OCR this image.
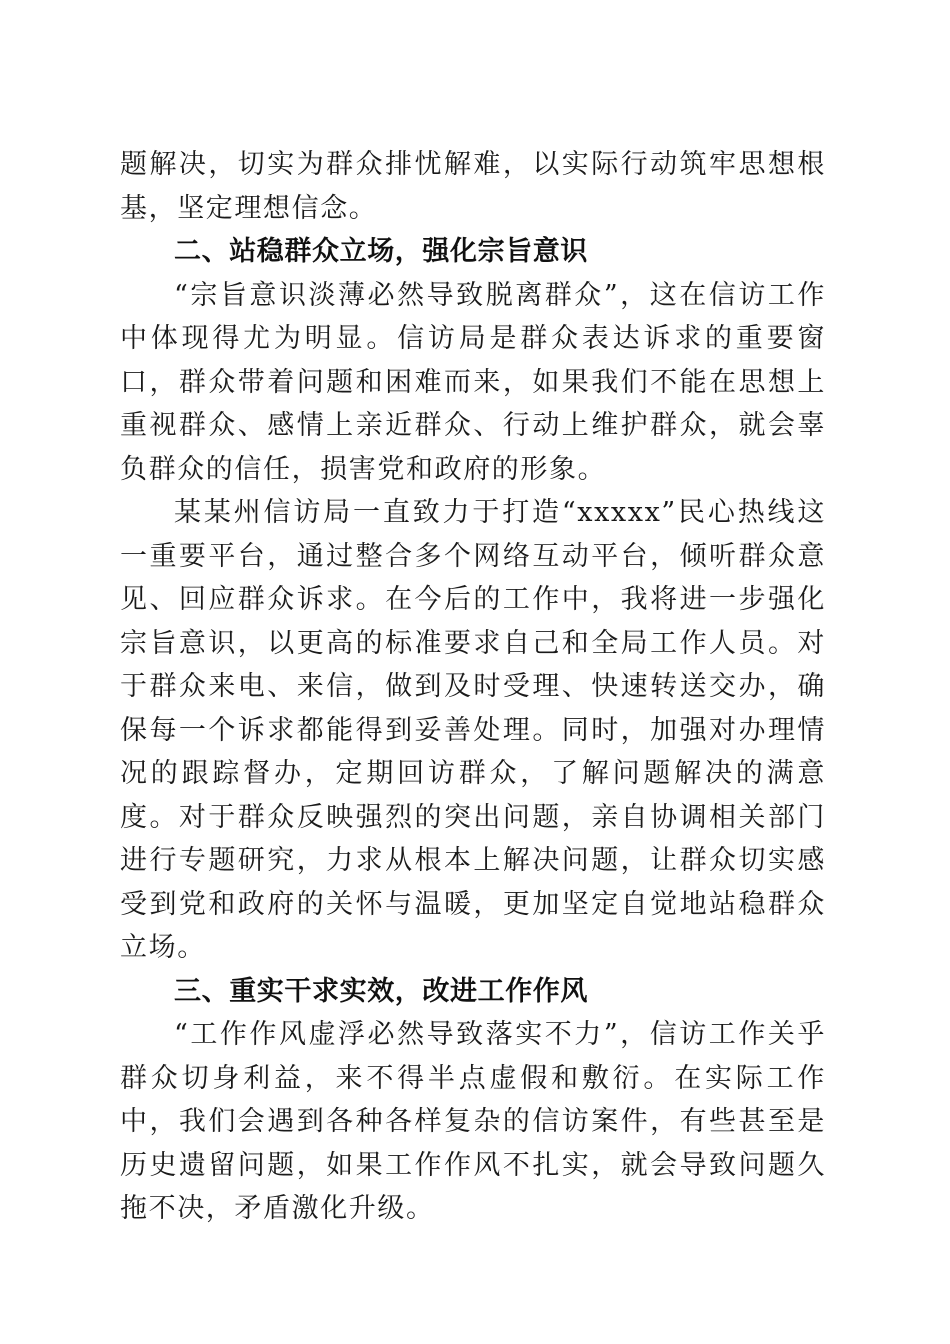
题解决，切实为群众排忧解难，以实际行动筑牢思想根基，坚定理想信念。

二、站稳群众立场，强化宗旨意识

“宗旨意识淡薄必然导致脱离群众”，这在信访工作中体现得尤为明显。信访局是群众表达诉求的重要窗口，群众带着问题和困难而来，如果我们不能在思想上重视群众、感情上亲近群众、行动上维护群众，就会辜负群众的信任，损害党和政府的形象。

某某州信访局一直致力于打造“xxxxx”民心热线这一重要平台，通过整合多个网络互动平台，倾听群众意见、回应群众诉求。在今后的工作中，我将进一步强化宗旨意识，以更高的标准要求自己和全局工作人员。对于群众来电、来信，做到及时受理、快速转送交办，确保每一个诉求都能得到妥善处理。同时，加强对办理情况的跟踪督办，定期回访群众，了解问题解决的满意度。对于群众反映强烈的突出问题，亲自协调相关部门进行专题研究，力求从根本上解决问题，让群众切实感受到党和政府的关怀与温暖，更加坚定自觉地站稳群众立场。

三、重实干求实效，改进工作作风

“工作作风虚浮必然导致落实不力”，信访工作关乎群众切身利益，来不得半点虚假和敷衍。在实际工作中，我们会遇到各种各样复杂的信访案件，有些甚至是历史遗留问题，如果工作作风不扎实，就会导致问题久拖不决，矛盾激化升级。
